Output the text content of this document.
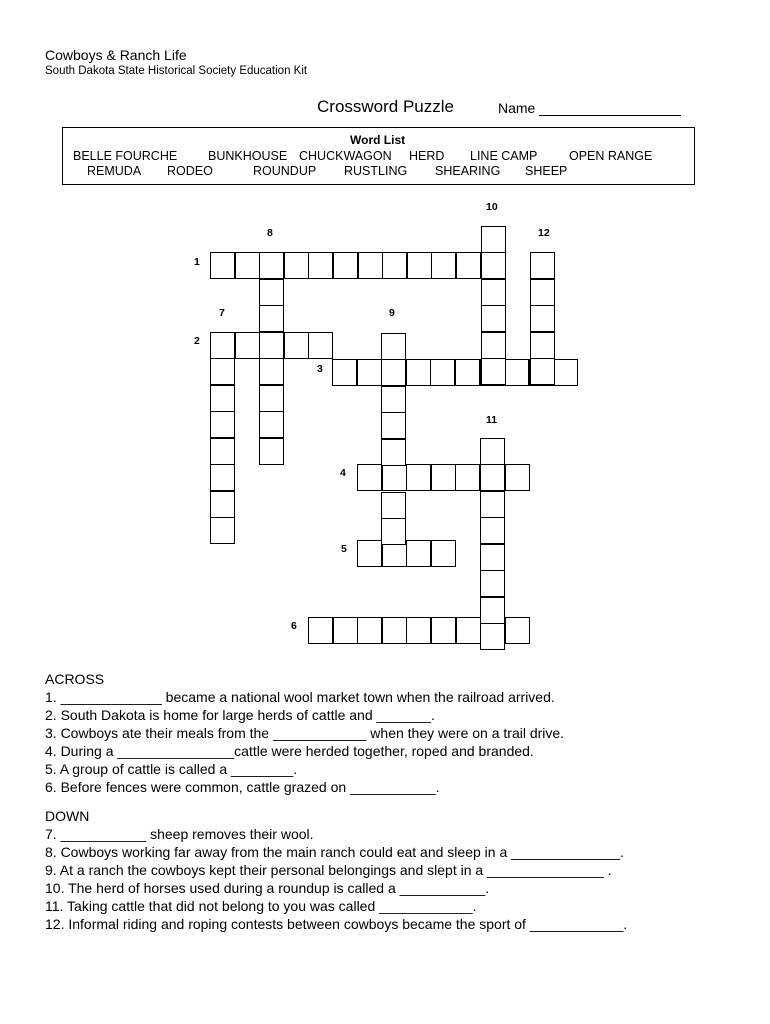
Cowboys & Ranch Life
South Dakota State Historical Society Education Kit
Crossword Puzzle	Name
Word List
BELLE FOURCHE BUNKHOUSE CHUCKWAGON HERD LINE CAMP	OPEN RANGE
REMUDA RODEO	ROUNDUP RUSTLING SHEARING SHEEP
1
2
3
4
5
6
7
8
9
10
11
12
ACROSS
1. _____________ became a national wool market town when the railroad arrived.
2. South Dakota is home for large herds of cattle and _______.
3. Cowboys ate their meals from the ____________ when they were on a trail drive.
4. During a _______________cattle were herded together, roped and branded.
5. A group of cattle is called a ________.
6. Before fences were common, cattle grazed on ___________.
DOWN
7. ___________ sheep removes their wool.
8. Cowboys working far away from the main ranch could eat and sleep in a ______________.
9. At a ranch the cowboys kept their personal belongings and slept in a _______________ .
10. The herd of horses used during a roundup is called a ___________.
11. Taking cattle that did not belong to you was called ____________.
12. Informal riding and roping contests between cowboys became the sport of ____________.
